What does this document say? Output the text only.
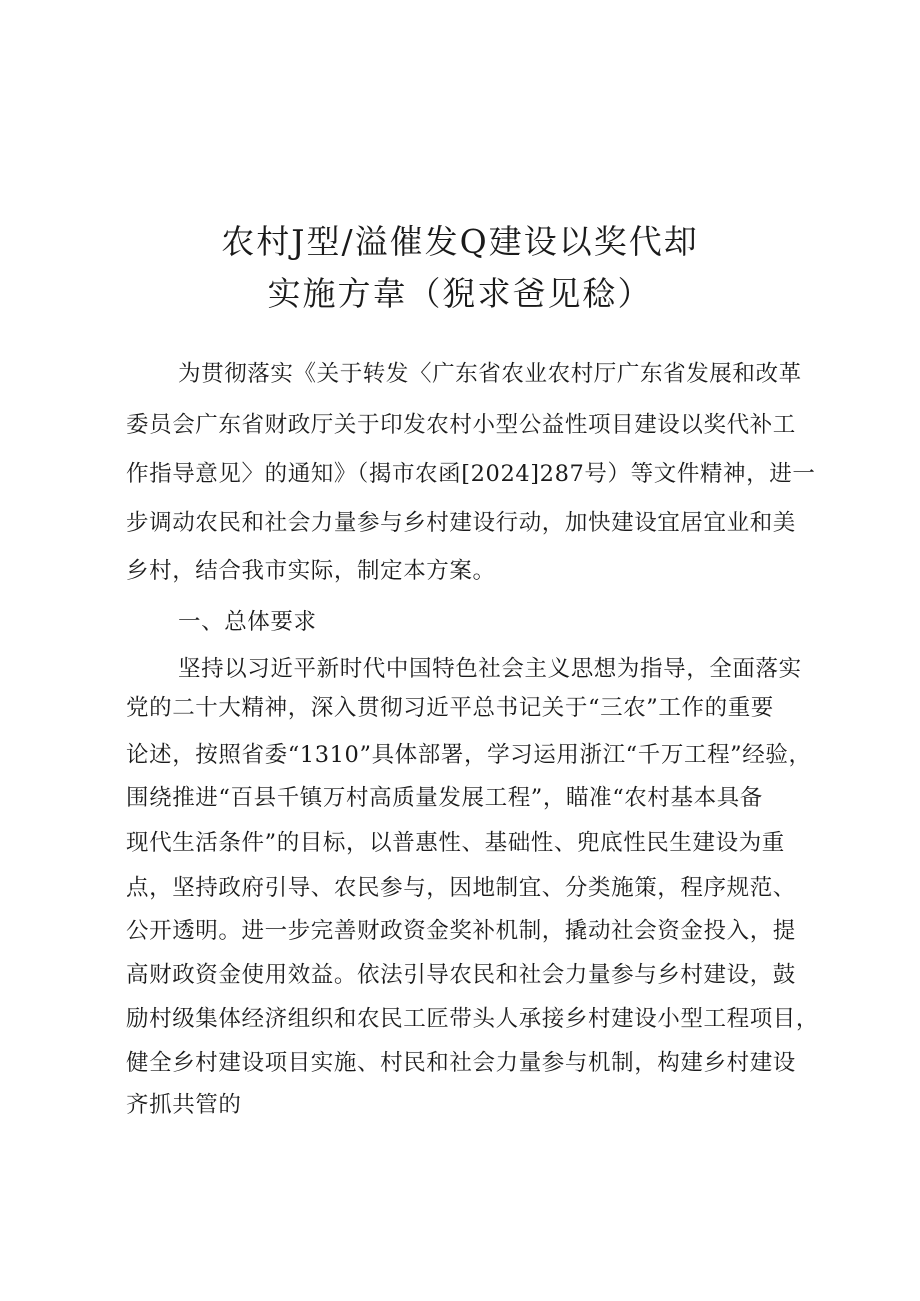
农村J型/溢催发Q建设以奖代却
实施方韋（猊求爸见稔）
为贯彻落实《关于转发〈广东省农业农村厅广东省发展和改革
委员会广东省财政厅关于印发农村小型公益性项目建设以奖代补工
作指导意见〉的通知》（揭市农函[2024]287号）等文件精神，进一
步调动农民和社会力量参与乡村建设行动，加快建设宜居宜业和美
乡村，结合我市实际，制定本方案。
一、总体要求
坚持以习近平新时代中国特色社会主义思想为指导，全面落实
党的二十大精神，深入贯彻习近平总书记关于“三农”工作的重要
论述，按照省委“1310”具体部署，学习运用浙江“千万工程”经验，
围绕推进“百县千镇万村高质量发展工程”，瞄准“农村基本具备
现代生活条件”的目标，以普惠性、基础性、兜底性民生建设为重
点，坚持政府引导、农民参与，因地制宜、分类施策，程序规范、
公开透明。进一步完善财政资金奖补机制，撬动社会资金投入，提
高财政资金使用效益。依法引导农民和社会力量参与乡村建设，鼓
励村级集体经济组织和农民工匠带头人承接乡村建设小型工程项目，
健全乡村建设项目实施、村民和社会力量参与机制，构建乡村建设
齐抓共管的
